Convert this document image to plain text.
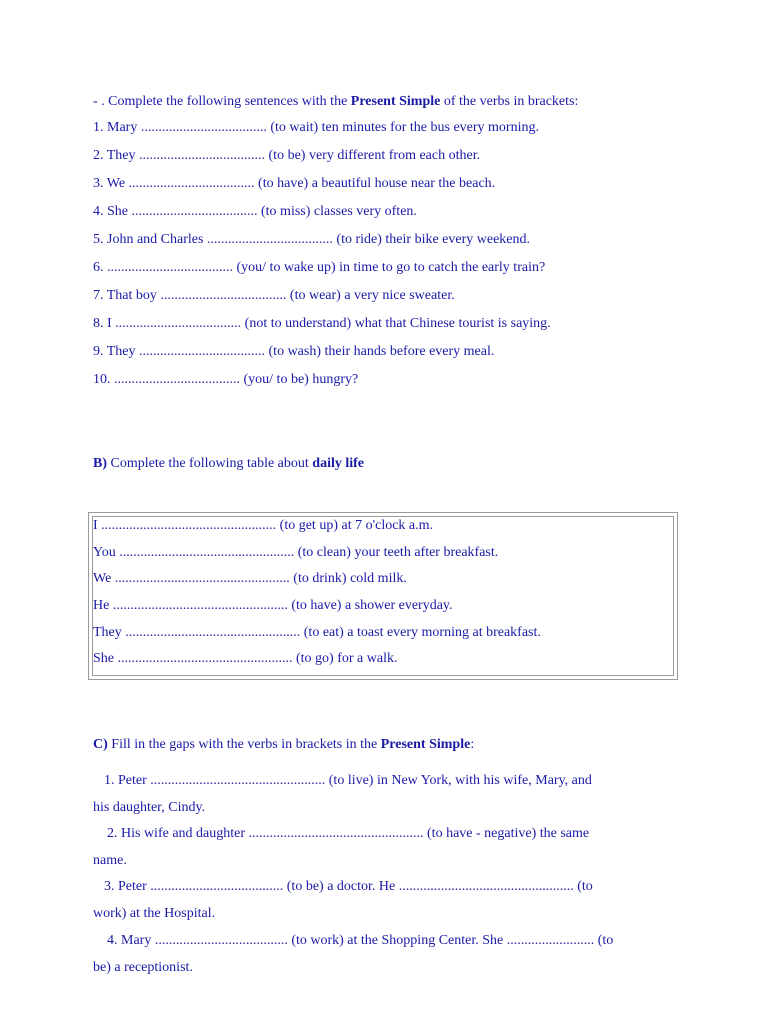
- . Complete the following sentences with the Present Simple of the verbs in brackets:
1. Mary .................................... (to wait) ten minutes for the bus every morning.
2. They .................................... (to be) very different from each other.
3. We .................................... (to have) a beautiful house near the beach.
4. She .................................... (to miss) classes very often.
5. John and Charles .................................... (to ride) their bike every weekend.
6. .................................... (you/ to wake up) in time to go to catch the early train?
7. That boy .................................... (to wear) a very nice sweater.
8. I .................................... (not to understand) what that Chinese tourist is saying.
9. They .................................... (to wash) their hands before every meal.
10. .................................... (you/ to be) hungry?
B) Complete the following table about daily life
I .................................................. (to get up) at 7 o'clock a.m.
You .................................................. (to clean) your teeth after breakfast.
We .................................................. (to drink) cold milk.
He .................................................. (to have) a shower everyday.
They .................................................. (to eat) a toast every morning at breakfast.
She .................................................. (to go) for a walk.
C) Fill in the gaps with the verbs in brackets in the Present Simple:
1. Peter .................................................. (to live) in New York, with his wife, Mary, and
his daughter, Cindy.
2. His wife and daughter .................................................. (to have - negative) the same
name.
3. Peter ...................................... (to be) a doctor. He .................................................. (to
work) at the Hospital.
4. Mary ...................................... (to work) at the Shopping Center. She ......................... (to
be) a receptionist.
